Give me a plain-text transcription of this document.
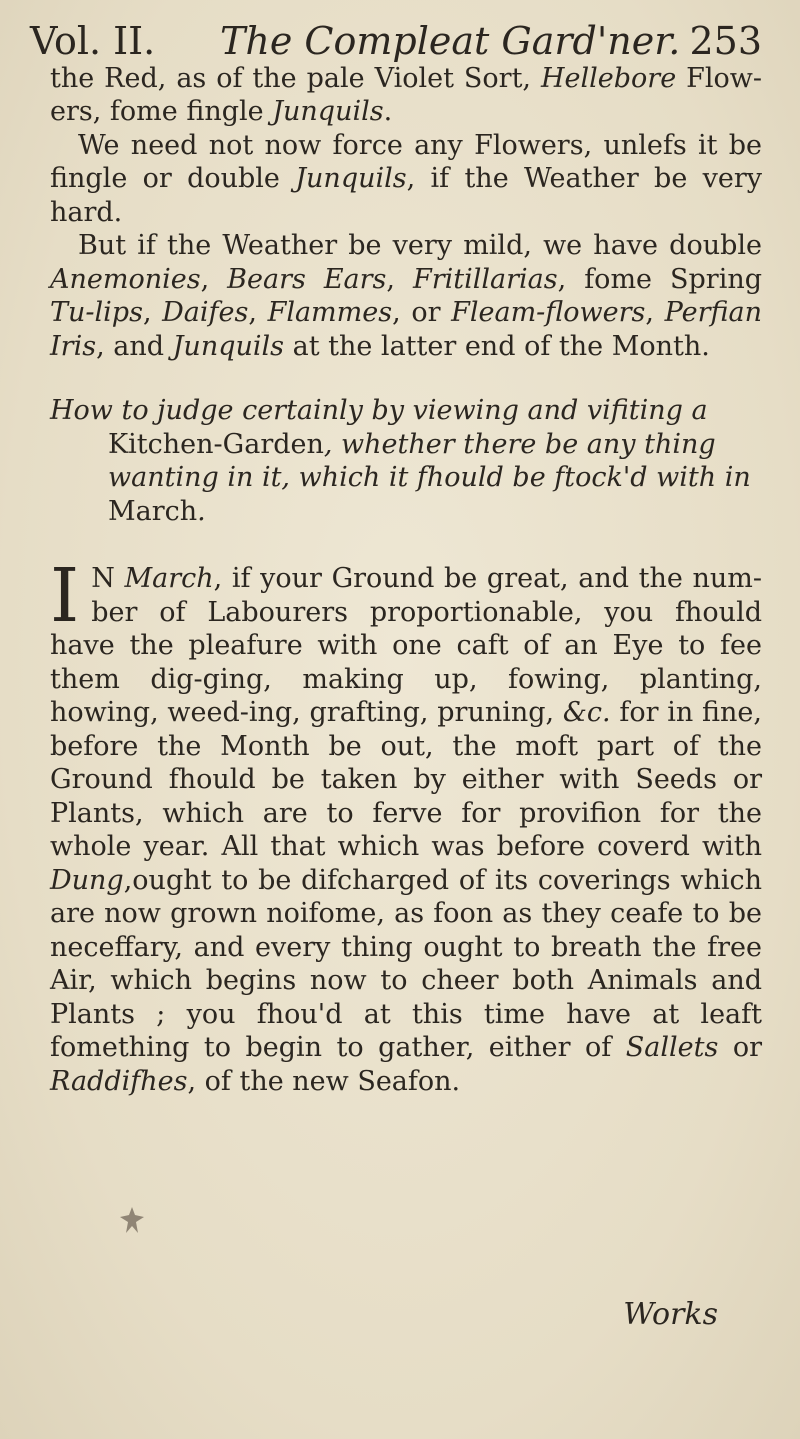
Vol. II.	The Compleat Gard'ner. 253

the Red, as of the pale Violet Sort, Hellebore Flow-ers, fome fingle Junquils.

We need not now force any Flowers, unlefs it be fingle or double Junquils, if the Weather be very hard.

But if the Weather be very mild, we have double Anemonies, Bears Ears, Fritillarias, fome Spring Tu-lips, Daifes, Flammes, or Fleam-flowers, Perfian Iris, and Junquils at the latter end of the Month.

How to judge certainly by viewing and vifiting a Kitchen-Garden, whether there be any thing wanting in it, which it fhould be ftock'd with in March.

I N March, if your Ground be great, and the num-ber of Labourers proportionable, you fhould have the pleafure with one caft of an Eye to fee them dig-ging, making up, fowing, planting, howing, weed-ing, grafting, pruning, &c. for in fine, before the Month be out, the moft part of the Ground fhould be taken by either with Seeds or Plants, which are to ferve for provifion for the whole year. All that which was before coverd with Dung,ought to be difcharged of its coverings which are now grown noifome, as foon as they ceafe to be neceffary, and every thing ought to breath the free Air, which begins now to cheer both Animals and Plants ; you fhou'd at this time have at leaft fomething to begin to gather, either of Sallets or Raddifhes, of the new Seafon.

Works
